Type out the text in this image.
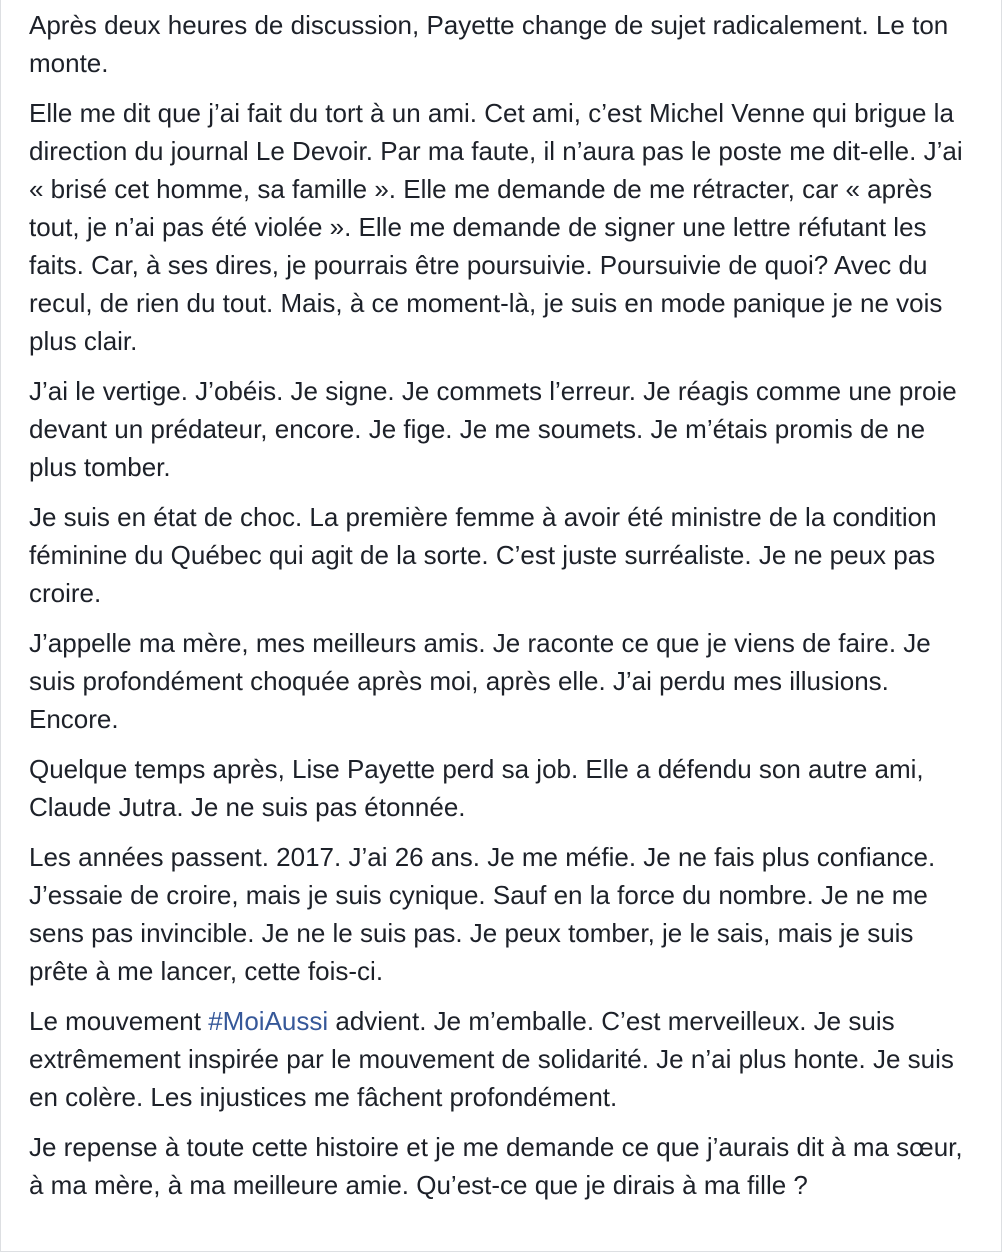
Après deux heures de discussion, Payette change de sujet radicalement. Le ton monte.

Elle me dit que j’ai fait du tort à un ami. Cet ami, c’est Michel Venne qui brigue la direction du journal Le Devoir. Par ma faute, il n’aura pas le poste me dit-elle. J’ai « brisé cet homme, sa famille ». Elle me demande de me rétracter, car « après tout, je n’ai pas été violée ». Elle me demande de signer une lettre réfutant les faits. Car, à ses dires, je pourrais être poursuivie. Poursuivie de quoi? Avec du recul, de rien du tout. Mais, à ce moment-là, je suis en mode panique je ne vois plus clair.

J’ai le vertige. J’obéis. Je signe. Je commets l’erreur. Je réagis comme une proie devant un prédateur, encore. Je fige. Je me soumets. Je m’étais promis de ne plus tomber.

Je suis en état de choc. La première femme à avoir été ministre de la condition féminine du Québec qui agit de la sorte. C’est juste surréaliste. Je ne peux pas croire.

J’appelle ma mère, mes meilleurs amis. Je raconte ce que je viens de faire. Je suis profondément choquée après moi, après elle. J’ai perdu mes illusions. Encore.

Quelque temps après, Lise Payette perd sa job. Elle a défendu son autre ami, Claude Jutra. Je ne suis pas étonnée.

Les années passent. 2017. J’ai 26 ans. Je me méfie. Je ne fais plus confiance. J’essaie de croire, mais je suis cynique. Sauf en la force du nombre. Je ne me sens pas invincible. Je ne le suis pas. Je peux tomber, je le sais, mais je suis prête à me lancer, cette fois-ci.

Le mouvement #MoiAussi advient. Je m’emballe. C’est merveilleux. Je suis extrêmement inspirée par le mouvement de solidarité. Je n’ai plus honte. Je suis en colère. Les injustices me fâchent profondément.

Je repense à toute cette histoire et je me demande ce que j’aurais dit à ma sœur, à ma mère, à ma meilleure amie. Qu’est-ce que je dirais à ma fille ?
